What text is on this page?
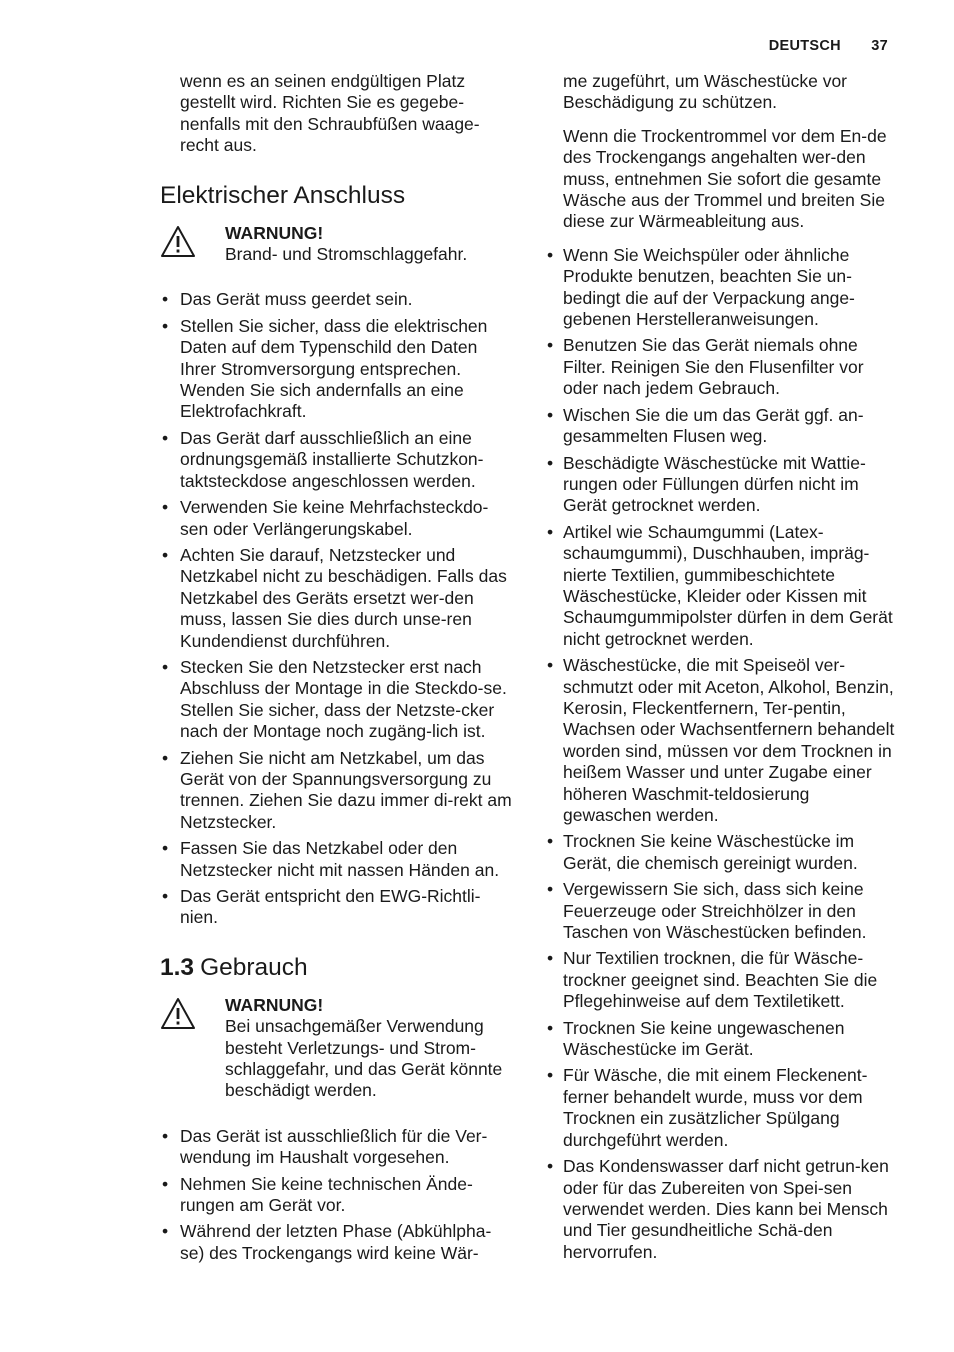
DEUTSCH 37

wenn es an seinen endgültigen Platz gestellt wird. Richten Sie es gegebe-nenfalls mit den Schraubfüßen waage-recht aus.

Elektrischer Anschluss
WARNUNG!
Brand- und Stromschlaggefahr.
• Das Gerät muss geerdet sein.
• Stellen Sie sicher, dass die elektrischen Daten auf dem Typenschild den Daten Ihrer Stromversorgung entsprechen. Wenden Sie sich andernfalls an eine Elektrofachkraft.
• Das Gerät darf ausschließlich an eine ordnungsgemäß installierte Schutzkon-taktsteckdose angeschlossen werden.
• Verwenden Sie keine Mehrfachsteckdo-sen oder Verlängerungskabel.
• Achten Sie darauf, Netzstecker und Netzkabel nicht zu beschädigen. Falls das Netzkabel des Geräts ersetzt wer-den muss, lassen Sie dies durch unse-ren Kundendienst durchführen.
• Stecken Sie den Netzstecker erst nach Abschluss der Montage in die Steckdo-se. Stellen Sie sicher, dass der Netzste-cker nach der Montage noch zugäng-lich ist.
• Ziehen Sie nicht am Netzkabel, um das Gerät von der Spannungsversorgung zu trennen. Ziehen Sie dazu immer di-rekt am Netzstecker.
• Fassen Sie das Netzkabel oder den Netzstecker nicht mit nassen Händen an.
• Das Gerät entspricht den EWG-Richtli-nien.
1.3 Gebrauch
WARNUNG!
Bei unsachgemäßer Verwendung besteht Verletzungs- und Strom-schlaggefahr, und das Gerät könnte beschädigt werden.
• Das Gerät ist ausschließlich für die Ver-wendung im Haushalt vorgesehen.
• Nehmen Sie keine technischen Ände-rungen am Gerät vor.
• Während der letzten Phase (Abkühlpha-se) des Trockengangs wird keine Wär-

me zugeführt, um Wäschestücke vor Beschädigung zu schützen.

Wenn die Trockentrommel vor dem En-de des Trockengangs angehalten wer-den muss, entnehmen Sie sofort die gesamte Wäsche aus der Trommel und breiten Sie diese zur Wärmeableitung aus.

• Wenn Sie Weichspüler oder ähnliche Produkte benutzen, beachten Sie un-bedingt die auf der Verpackung ange-gebenen Herstelleranweisungen.
• Benutzen Sie das Gerät niemals ohne Filter. Reinigen Sie den Flusenfilter vor oder nach jedem Gebrauch.
• Wischen Sie die um das Gerät ggf. an-gesammelten Flusen weg.
• Beschädigte Wäschestücke mit Wattie-rungen oder Füllungen dürfen nicht im Gerät getrocknet werden.
• Artikel wie Schaumgummi (Latex-schaumgummi), Duschhauben, impräg-nierte Textilien, gummibeschichtete Wäschestücke, Kleider oder Kissen mit Schaumgummipolster dürfen in dem Gerät nicht getrocknet werden.
• Wäschestücke, die mit Speiseöl ver-schmutzt oder mit Aceton, Alkohol, Benzin, Kerosin, Fleckentfernern, Ter-pentin, Wachsen oder Wachsentfernern behandelt worden sind, müssen vor dem Trocknen in heißem Wasser und unter Zugabe einer höheren Waschmit-teldosierung gewaschen werden.
• Trocknen Sie keine Wäschestücke im Gerät, die chemisch gereinigt wurden.
• Vergewissern Sie sich, dass sich keine Feuerzeuge oder Streichhölzer in den Taschen von Wäschestücken befinden.
• Nur Textilien trocknen, die für Wäsche-trockner geeignet sind. Beachten Sie die Pflegehinweise auf dem Textiletikett.
• Trocknen Sie keine ungewaschenen Wäschestücke im Gerät.
• Für Wäsche, die mit einem Fleckenent-ferner behandelt wurde, muss vor dem Trocknen ein zusätzlicher Spülgang durchgeführt werden.
• Das Kondenswasser darf nicht getrun-ken oder für das Zubereiten von Spei-sen verwendet werden. Dies kann bei Mensch und Tier gesundheitliche Schä-den hervorrufen.
